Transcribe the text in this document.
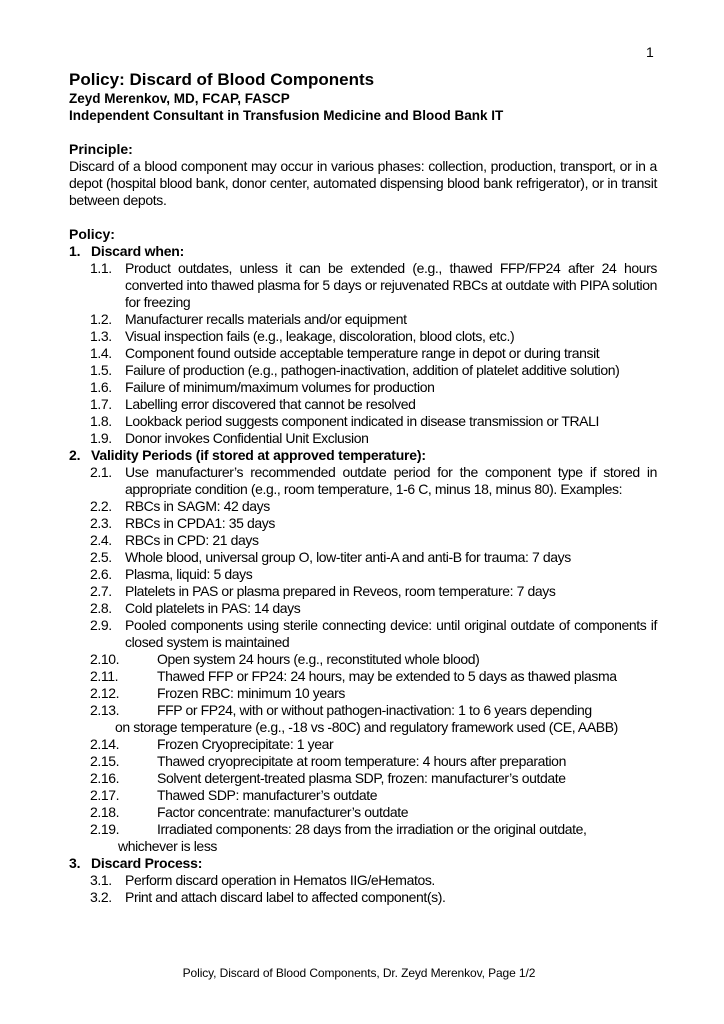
1

Policy: Discard of Blood Components

Zeyd Merenkov, MD, FCAP, FASCP

Independent Consultant in Transfusion Medicine and Blood Bank IT

Principle:

Discard of a blood component may occur in various phases: collection, production, transport, or in a depot (hospital blood bank, donor center, automated dispensing blood bank refrigerator), or in transit between depots.

Policy:

1. Discard when:

1.1. Product outdates, unless it can be extended (e.g., thawed FFP/FP24 after 24 hours converted into thawed plasma for 5 days or rejuvenated RBCs at outdate with PIPA solution for freezing

1.2. Manufacturer recalls materials and/or equipment

1.3. Visual inspection fails (e.g., leakage, discoloration, blood clots, etc.)

1.4. Component found outside acceptable temperature range in depot or during transit

1.5. Failure of production (e.g., pathogen-inactivation, addition of platelet additive solution)

1.6. Failure of minimum/maximum volumes for production

1.7. Labelling error discovered that cannot be resolved

1.8. Lookback period suggests component indicated in disease transmission or TRALI

1.9. Donor invokes Confidential Unit Exclusion

2. Validity Periods (if stored at approved temperature):

2.1. Use manufacturer’s recommended outdate period for the component type if stored in appropriate condition (e.g., room temperature, 1-6 C, minus 18, minus 80). Examples:

2.2. RBCs in SAGM: 42 days

2.3. RBCs in CPDA1: 35 days

2.4. RBCs in CPD: 21 days

2.5. Whole blood, universal group O, low-titer anti-A and anti-B for trauma: 7 days

2.6. Plasma, liquid: 5 days

2.7. Platelets in PAS or plasma prepared in Reveos, room temperature: 7 days

2.8. Cold platelets in PAS: 14 days

2.9. Pooled components using sterile connecting device: until original outdate of components if closed system is maintained

2.10.	Open system 24 hours (e.g., reconstituted whole blood)

2.11.	Thawed FFP or FP24: 24 hours, may be extended to 5 days as thawed plasma

2.12.	Frozen RBC: minimum 10 years

2.13.	FFP or FP24, with or without pathogen-inactivation: 1 to 6 years depending

on storage temperature (e.g., -18 vs -80C) and regulatory framework used (CE, AABB)

2.14.	Frozen Cryoprecipitate: 1 year

2.15.	Thawed cryoprecipitate at room temperature: 4 hours after preparation

2.16.	Solvent detergent-treated plasma SDP, frozen: manufacturer’s outdate

2.17.	Thawed SDP: manufacturer’s outdate

2.18.	Factor concentrate: manufacturer’s outdate

2.19.	Irradiated components: 28 days from the irradiation or the original outdate,

whichever is less

3. Discard Process:

3.1. Perform discard operation in Hematos IIG/eHematos.

3.2. Print and attach discard label to affected component(s).

Policy, Discard of Blood Components, Dr. Zeyd Merenkov, Page 1/2
